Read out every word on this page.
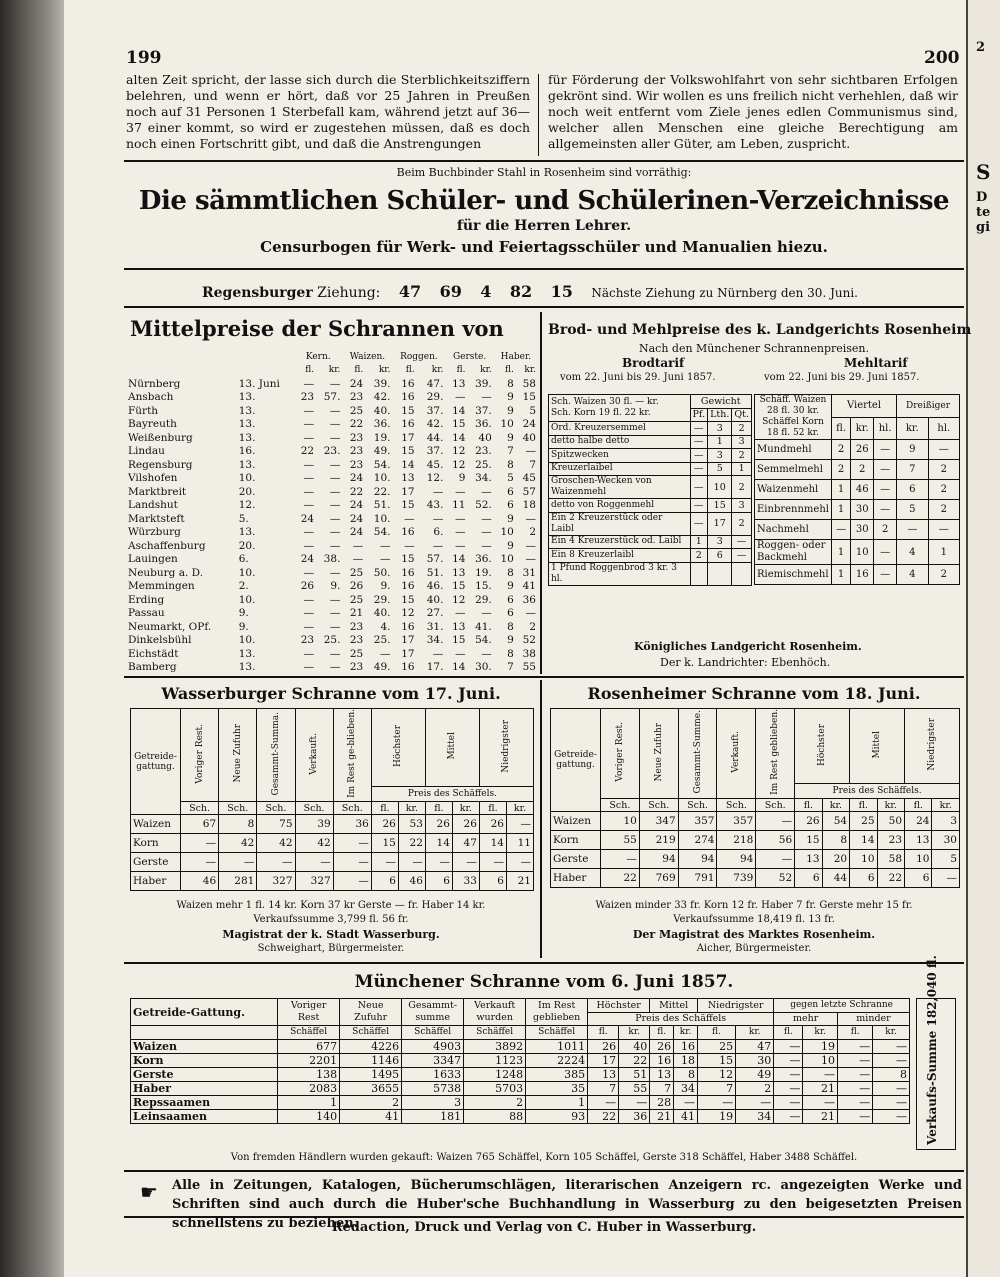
2
S
D
te
gi
199	200
alten Zeit spricht, der lasse sich durch die Sterblichkeitsziffern belehren, und wenn er hört, daß vor 25 Jahren in Preußen noch auf 31 Personen 1 Sterbefall kam, während jetzt auf 36—37 einer kommt, so wird er zugestehen müssen, daß es doch noch einen Fortschritt gibt, und daß die Anstrengungen
für Förderung der Volkswohlfahrt von sehr sichtbaren Erfolgen gekrönt sind. Wir wollen es uns freilich nicht verhehlen, daß wir noch weit entfernt vom Ziele jenes edlen Communismus sind, welcher allen Menschen eine gleiche Berechtigung am allgemeinsten aller Güter, am Leben, zuspricht.
Beim Buchbinder Stahl in Rosenheim sind vorräthig:
Die sämmtlichen Schüler- und Schülerinen-Verzeichnisse
für die Herren Lehrer.
Censurbogen für Werk- und Feiertagsschüler und Manualien hiezu.
Regensburger Ziehung: 47 69 4 82 15 Nächste Ziehung zu Nürnberg den 30. Juni.
Mittelpreise der Schrannen von
		Kern.		Waizen.		Roggen.		Gerste.		Haber.	
		fl.	kr.	fl.	kr.	fl.	kr.	fl.	kr.	fl.	kr.
Nürnberg	13. Juni	—	—	24	39.	16	47.	13	39.	8	58
Ansbach	13.	23	57.	23	42.	16	29.	—	—	9	15
Fürth	13.	—	—	25	40.	15	37.	14	37.	9	5
Bayreuth	13.	—	—	22	36.	16	42.	15	36.	10	24
Weißenburg	13.	—	—	23	19.	17	44.	14	40	9	40
Lindau	16.	22	23.	23	49.	15	37.	12	23.	7	—
Regensburg	13.	—	—	23	54.	14	45.	12	25.	8	7
Vilshofen	10.	—	—	24	10.	13	12.	9	34.	5	45
Marktbreit	20.	—	—	22	22.	17	—	—	—	6	57
Landshut	12.	—	—	24	51.	15	43.	11	52.	6	18
Marktsteft	5.	24	—	24	10.	—	—	—	—	9	—
Würzburg	13.	—	—	24	54.	16	6.	—	—	10	2
Aschaffenburg	20.	—	—	—	—	—	—	—	—	9	—
Lauingen	6.	24	38.	—	—	15	57.	14	36.	10	—
Neuburg a. D.	10.	—	—	25	50.	16	51.	13	19.	8	31
Memmingen	2.	26	9.	26	9.	16	46.	15	15.	9	41
Erding	10.	—	—	25	29.	15	40.	12	29.	6	36
Passau	9.	—	—	21	40.	12	27.	—	—	6	—
Neumarkt, OPf.	9.	—	—	23	4.	16	31.	13	41.	8	2
Dinkelsbühl	10.	23	25.	23	25.	17	34.	15	54.	9	52
Eichstädt	13.	—	—	25	—	17	—	—	—	8	38
Bamberg	13.	—	—	23	49.	16	17.	14	30.	7	55
Brod- und Mehlpreise des k. Landgerichts Rosenheim
Nach den Münchener Schrannenpreisen.
Brodtarif
vom 22. Juni bis 29. Juni 1857.
Mehltarif
vom 22. Juni bis 29. Juni 1857.
Sch. Waizen 30 fl. — kr.
Sch. Korn 19 fl. 22 kr.	Gewicht		
	Pf.	Lth.	Qt.
Ord. Kreuzersemmel	—	3	2
detto halbe detto	—	1	3
Spitzwecken	—	3	2
Kreuzerlaibel	—	5	1
Groschen-Wecken von Waizenmehl	—	10	2
detto von Roggenmehl	—	15	3
Ein 2 Kreuzerstück oder Laibl	—	17	2
Ein 4 Kreuzerstück od. Laibl	1	3	—
Ein 8 Kreuzerlaibl	2	6	—
1 Pfund Roggenbrod 3 kr. 3 hl.			
Schäff. Waizen 28 fl. 30 kr. Schäffel Korn 18 fl. 52 kr.	Viertel			Dreißiger	
	fl.	kr.	hl.	kr.	hl.
Mundmehl	2	26	—	9	—
Semmelmehl	2	2	—	7	2
Waizenmehl	1	46	—	6	2
Einbrennmehl	1	30	—	5	2
Nachmehl	—	30	2	—	—
Roggen- oder Backmehl	1	10	—	4	1
Riemischmehl	1	16	—	4	2
Königliches Landgericht Rosenheim.
Der k. Landrichter: Ebenhöch.
Wasserburger Schranne vom 17. Juni.
Getreide-gattung.	Voriger Rest.	Neue Zufuhr	Gesammt-Summa.	Verkauft.	Im Rest ge-blieben.	Höchster		Mittel		Niedrigster	
						Preis des Schäffels.					
	Sch.	Sch.	Sch.	Sch.	Sch.	fl.	kr.	fl.	kr.	fl.	kr.
Waizen	67	8	75	39	36	26	53	26	26	26	—
Korn	—	42	42	42	—	15	22	14	47	14	11
Gerste	—	—	—	—	—	—	—	—	—	—	—
Haber	46	281	327	327	—	6	46	6	33	6	21
Waizen mehr 1 fl. 14 kr. Korn 37 kr Gerste — fr. Haber 14 kr.
Verkaufssumme 3,799 fl. 56 fr.
Magistrat der k. Stadt Wasserburg.
Schweighart, Bürgermeister.
Rosenheimer Schranne vom 18. Juni.
Getreide-gattung.	Voriger Rest.	Neue Zufuhr	Gesammt-Summe.	Verkauft.	Im Rest geblieben.	Höchster		Mittel		Niedrigster	
						Preis des Schäffels.					
	Sch.	Sch.	Sch.	Sch.	Sch.	fl.	kr.	fl.	kr.	fl.	kr.
Waizen	10	347	357	357	—	26	54	25	50	24	3
Korn	55	219	274	218	56	15	8	14	23	13	30
Gerste	—	94	94	94	—	13	20	10	58	10	5
Haber	22	769	791	739	52	6	44	6	22	6	—
Waizen minder 33 fr. Korn 12 fr. Haber 7 fr. Gerste mehr 15 fr.
Verkaufssumme 18,419 fl. 13 fr.
Der Magistrat des Marktes Rosenheim.
Aicher, Bürgermeister.
Münchener Schranne vom 6. Juni 1857.
Getreide-Gattung.	Voriger Rest	Neue Zufuhr	Gesammt-summe	Verkauft wurden	Im Rest geblieben	Höchster		Mittel		Niedrigster		gegen letzte Schranne			
						Preis des Schäffels						mehr		minder	
	Schäffel	Schäffel	Schäffel	Schäffel	Schäffel	fl.	kr.	fl.	kr.	fl.	kr.	fl.	kr.	fl.	kr.
Waizen	677	4226	4903	3892	1011	26	40	26	16	25	47	—	19	—	—
Korn	2201	1146	3347	1123	2224	17	22	16	18	15	30	—	10	—	—
Gerste	138	1495	1633	1248	385	13	51	13	8	12	49	—	—	—	8
Haber	2083	3655	5738	5703	35	7	55	7	34	7	2	—	21	—	—
Repssaamen	1	2	3	2	1	—	—	28	—	—	—	—	—	—	—
Leinsaamen	140	41	181	88	93	22	36	21	41	19	34	—	21	—	— Verkaufs-Summe 182,040 fl.
Von fremden Händlern wurden gekauft: Waizen 765 Schäffel, Korn 105 Schäffel, Gerste 318 Schäffel, Haber 3488 Schäffel.
☛ Alle in Zeitungen, Katalogen, Bücherumschlägen, literarischen Anzeigern rc. angezeigten Werke und Schriften sind auch durch die Huber'sche Buchhandlung in Wasserburg zu den beigesetzten Preisen schnellstens zu beziehen.
Redaction, Druck und Verlag von C. Huber in Wasserburg.
